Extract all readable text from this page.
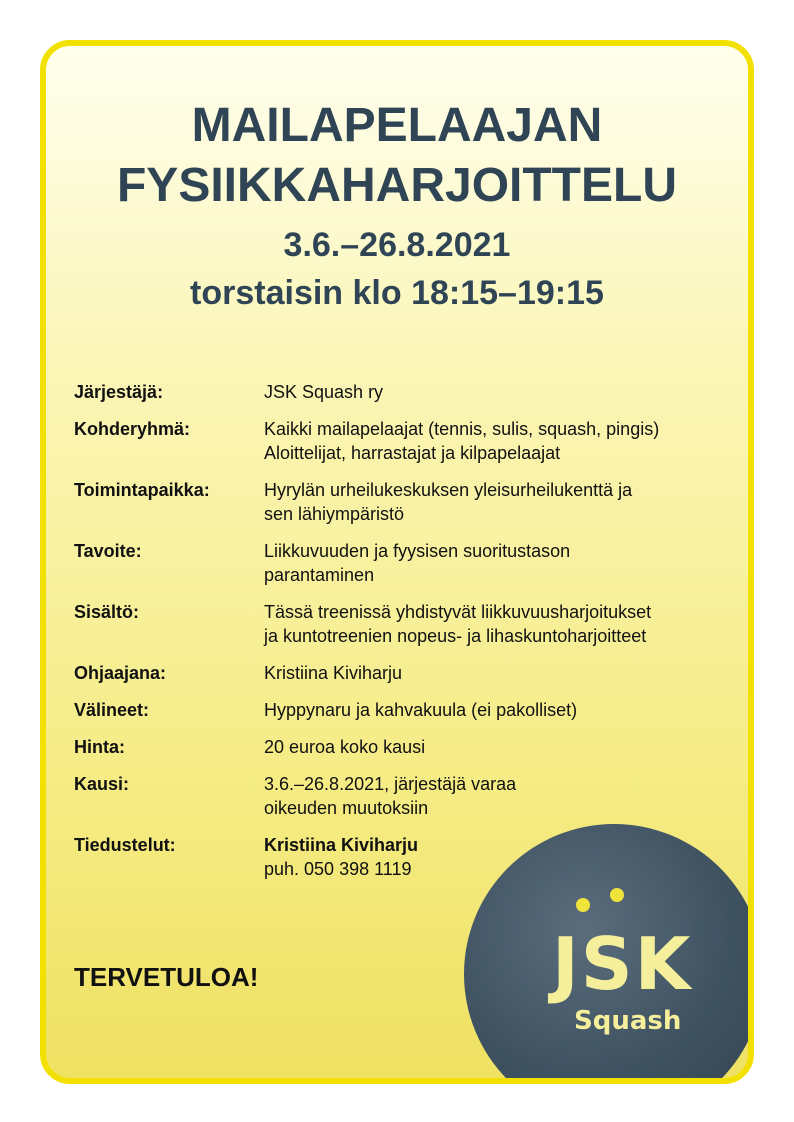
MAILAPELAAJAN
FYSIIKKAHARJOITTELU
3.6.–26.8.2021
torstaisin klo 18:15–19:15
Järjestäjä:	JSK Squash ry
Kohderyhmä:	Kaikki mailapelaajat (tennis, sulis, squash, pingis)
Aloittelijat, harrastajat ja kilpapelaajat
Toimintapaikka:	Hyrylän urheilukeskuksen yleisurheilukenttä ja
sen lähiympäristö
Tavoite:	Liikkuvuuden ja fyysisen suoritustason
parantaminen
Sisältö:	Tässä treenissä yhdistyvät liikkuvuusharjoitukset
ja kuntotreenien nopeus- ja lihaskuntoharjoitteet
Ohjaajana:	Kristiina Kiviharju
Välineet:	Hyppynaru ja kahvakuula (ei pakolliset)
Hinta:	20 euroa koko kausi
Kausi:	3.6.–26.8.2021, järjestäjä varaa
oikeuden muutoksiin
Tiedustelut:	Kristiina Kiviharju
puh. 050 398 1119
TERVETULOA!	JSK
Squash
